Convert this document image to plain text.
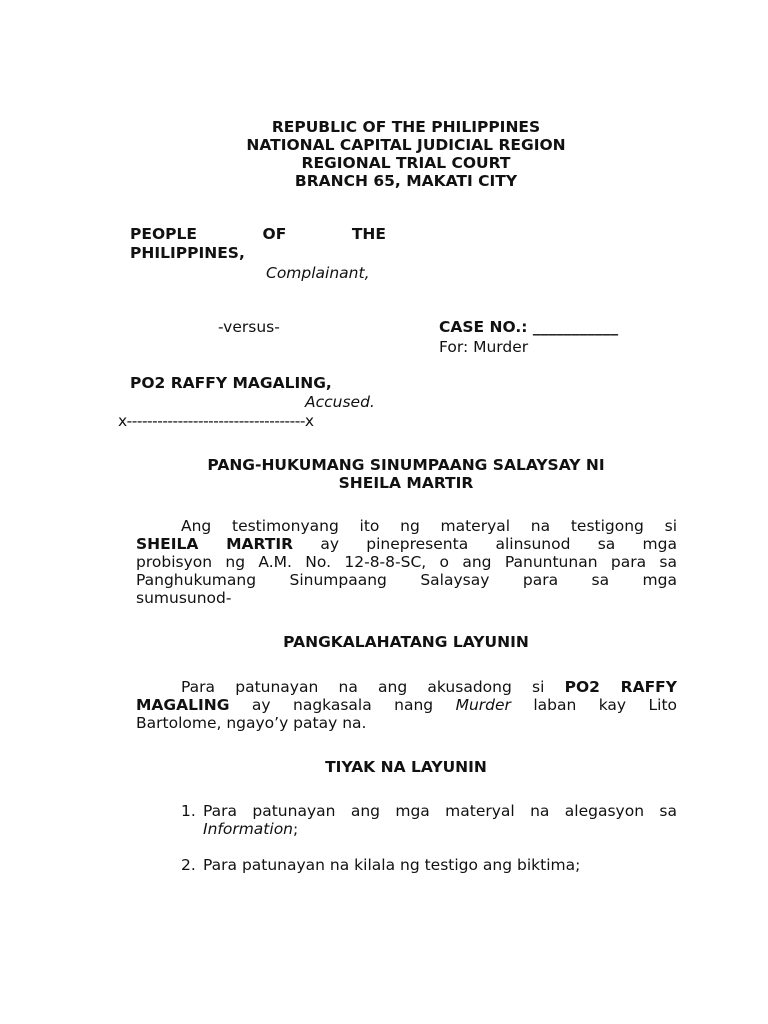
REPUBLIC OF THE PHILIPPINES
NATIONAL CAPITAL JUDICIAL REGION
REGIONAL TRIAL COURT
BRANCH 65, MAKATI CITY
PEOPLE	OF	THE
PHILIPPINES,
Complainant,
-versus-	CASE NO.: ___________
For: Murder
PO2 RAFFY MAGALING,
Accused.
x-----------------------------------x
PANG-HUKUMANG SINUMPAANG SALAYSAY NI
SHEILA MARTIR
Ang testimonyang ito ng materyal na testigong si
SHEILA MARTIR ay pinepresenta alinsunod sa mga
probisyon ng A.M. No. 12-8-8-SC, o ang Panuntunan para sa
Panghukumang Sinumpaang Salaysay para sa mga
sumusunod-
PANGKALAHATANG LAYUNIN
Para patunayan na ang akusadong si PO2 RAFFY
MAGALING ay nagkasala nang Murder laban kay Lito
Bartolome, ngayo’y patay na.
TIYAK NA LAYUNIN
1. Para patunayan ang mga materyal na alegasyon sa
Information;
2. Para patunayan na kilala ng testigo ang biktima;
